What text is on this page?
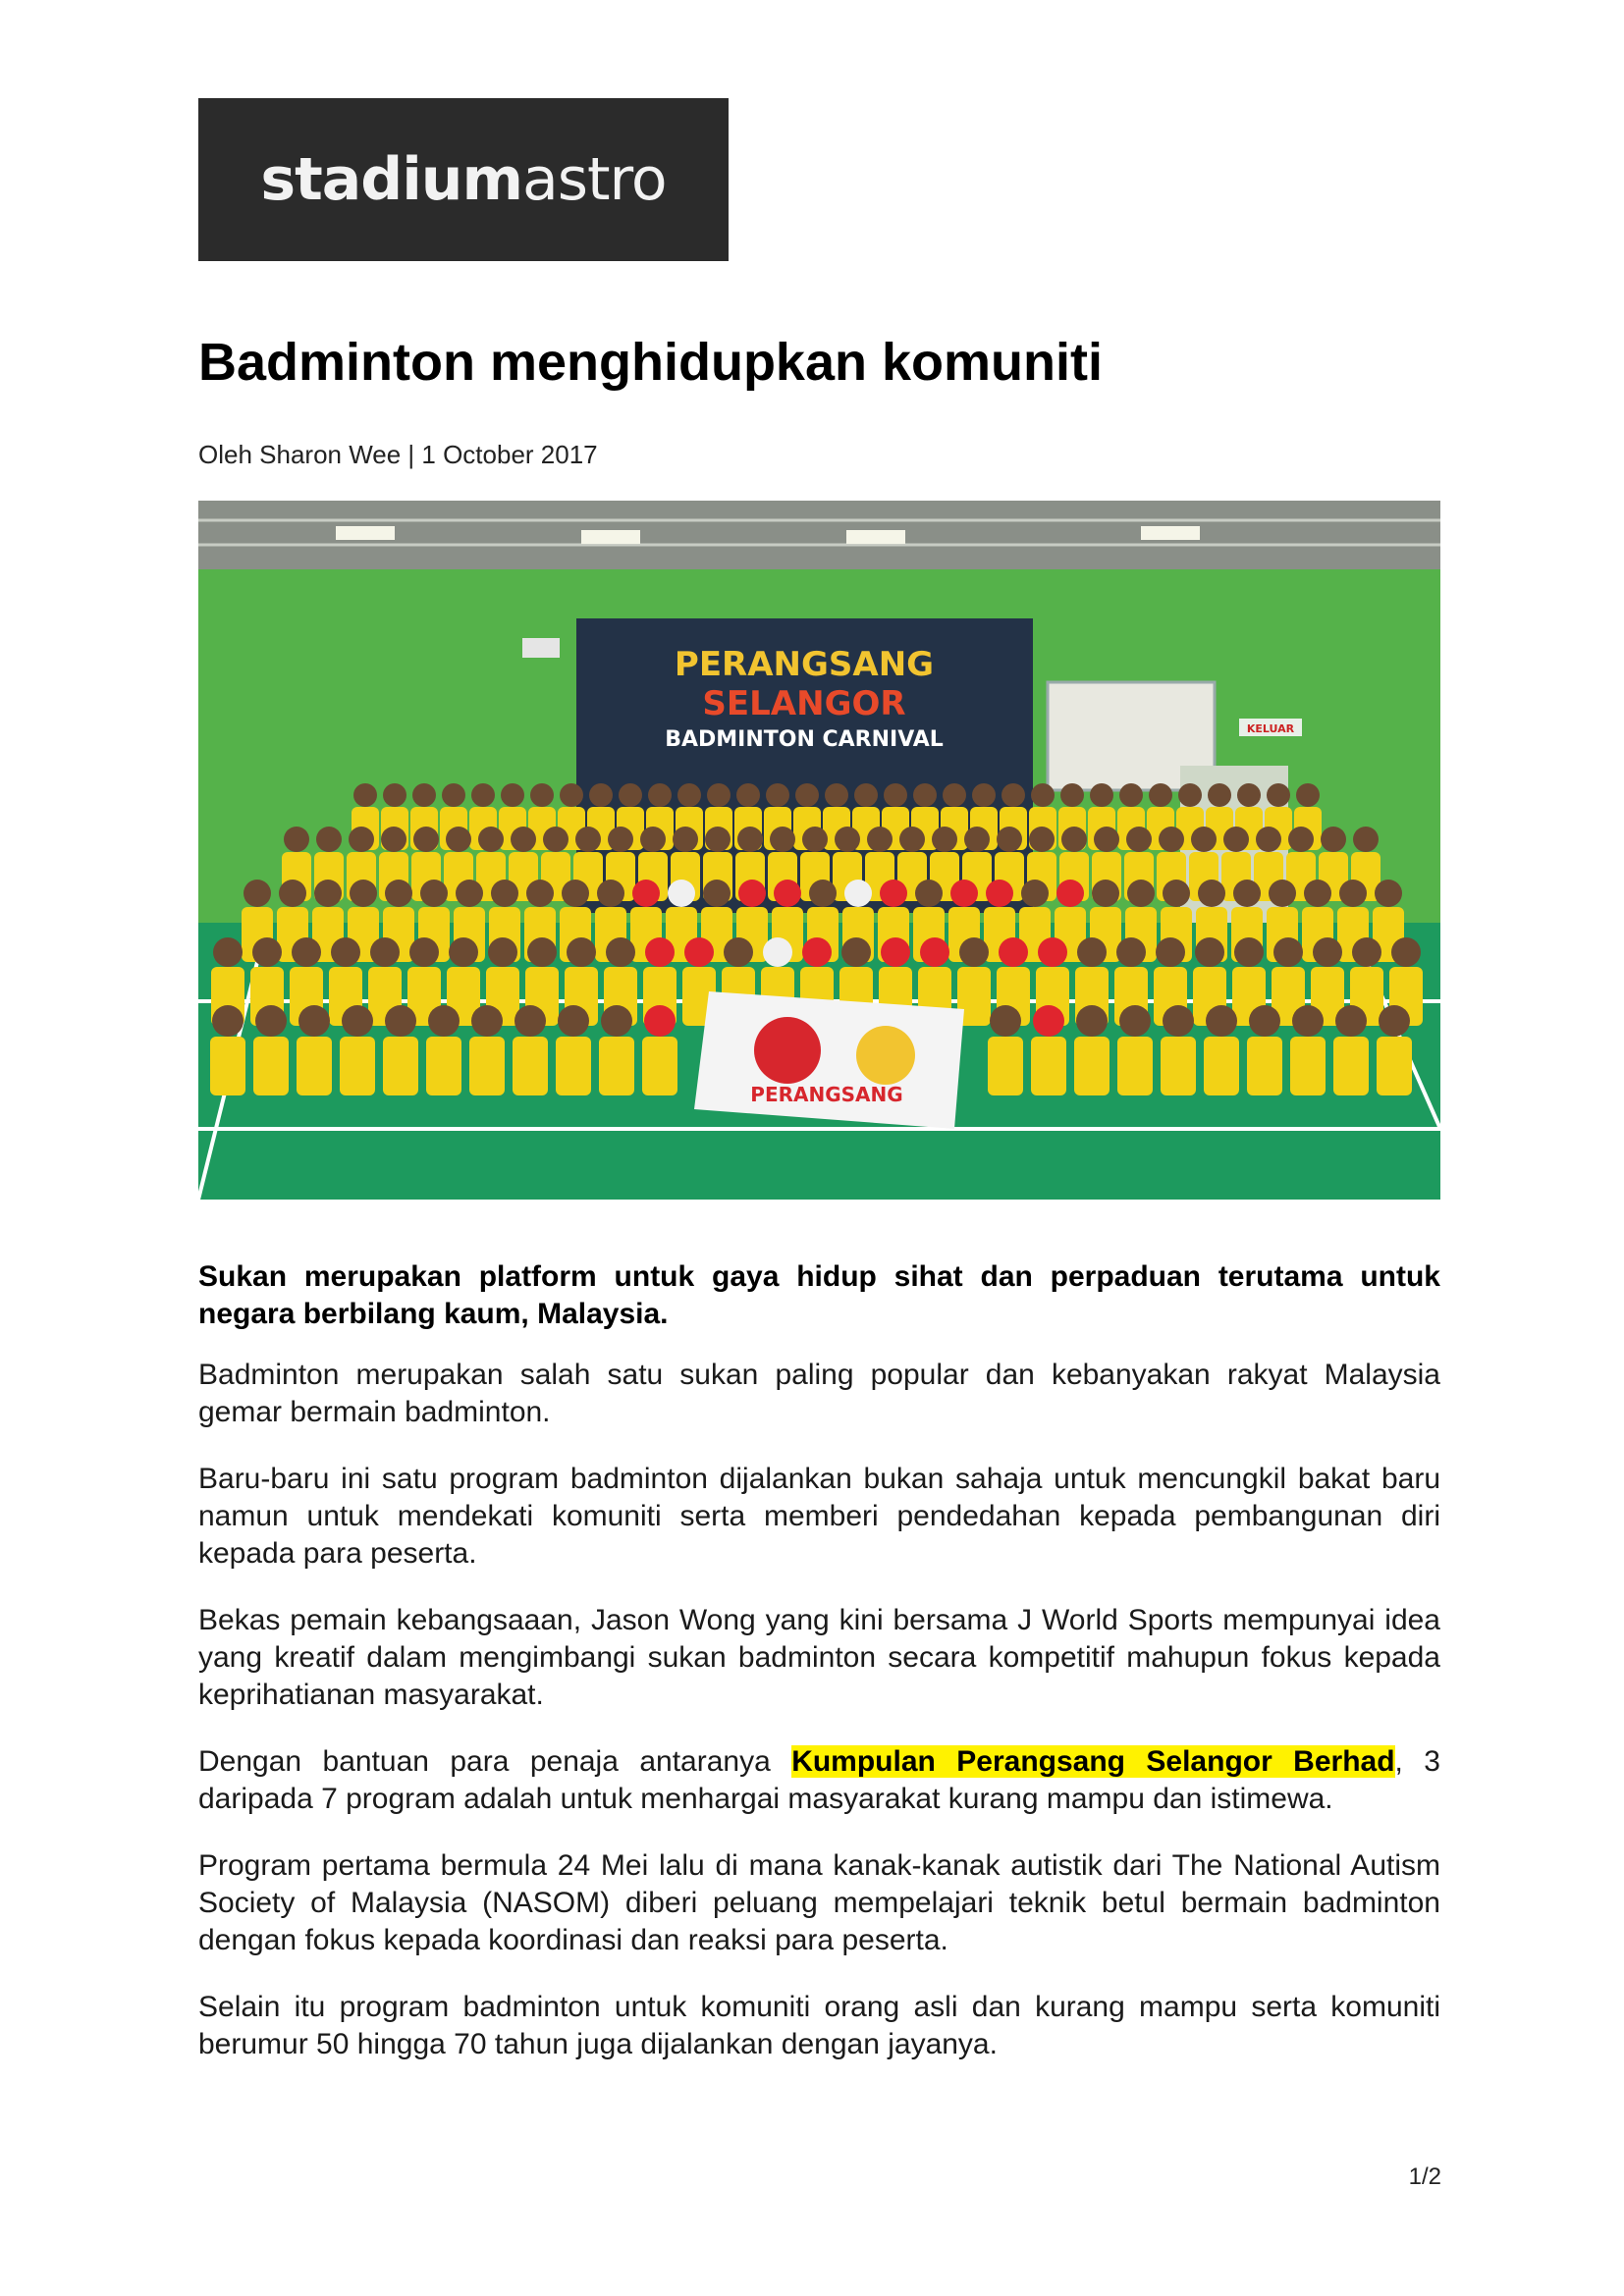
stadiumastro
Badminton menghidupkan komuniti
Oleh Sharon Wee | 1 October 2017
PERANGSANG
SELANGOR
BADMINTON CARNIVAL	KELUAR
PERANGSANG

Sukan merupakan platform untuk gaya hidup sihat dan perpaduan terutama untuk negara berbilang kaum, Malaysia.

Badminton merupakan salah satu sukan paling popular dan kebanyakan rakyat Malaysia gemar bermain badminton.

Baru-baru ini satu program badminton dijalankan bukan sahaja untuk mencungkil bakat baru namun untuk mendekati komuniti serta memberi pendedahan kepada pembangunan diri kepada para peserta.

Bekas pemain kebangsaaan, Jason Wong yang kini bersama J World Sports mempunyai idea yang kreatif dalam mengimbangi sukan badminton secara kompetitif mahupun fokus kepada keprihatianan masyarakat.

Dengan bantuan para penaja antaranya Kumpulan Perangsang Selangor Berhad, 3 daripada 7 program adalah untuk menhargai masyarakat kurang mampu dan istimewa.

Program pertama bermula 24 Mei lalu di mana kanak-kanak autistik dari The National Autism Society of Malaysia (NASOM) diberi peluang mempelajari teknik betul bermain badminton dengan fokus kepada koordinasi dan reaksi para peserta.

Selain itu program badminton untuk komuniti orang asli dan kurang mampu serta komuniti berumur 50 hingga 70 tahun juga dijalankan dengan jayanya.

1/2
